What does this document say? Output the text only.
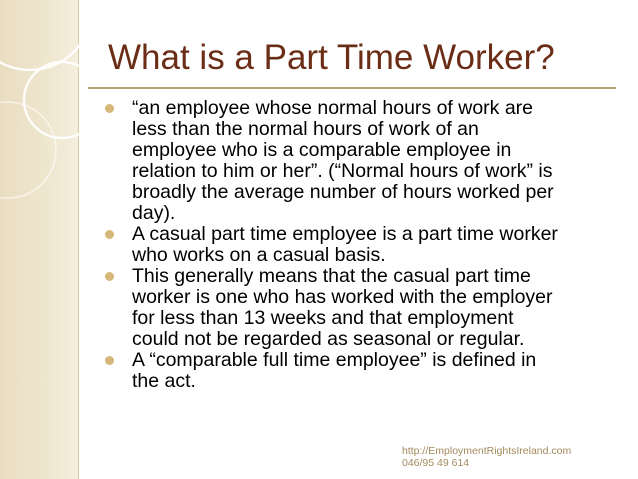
What is a Part Time Worker?
“an employee whose normal hours of work are
less than the normal hours of work of an
employee who is a comparable employee in
relation to him or her”. (“Normal hours of work” is
broadly the average number of hours worked per
day).
A casual part time employee is a part time worker
who works on a casual basis.
This generally means that the casual part time
worker is one who has worked with the employer
for less than 13 weeks and that employment
could not be regarded as seasonal or regular.
A “comparable full time employee” is defined in
the act.
http://EmploymentRightsIreland.com
046/95 49 614
